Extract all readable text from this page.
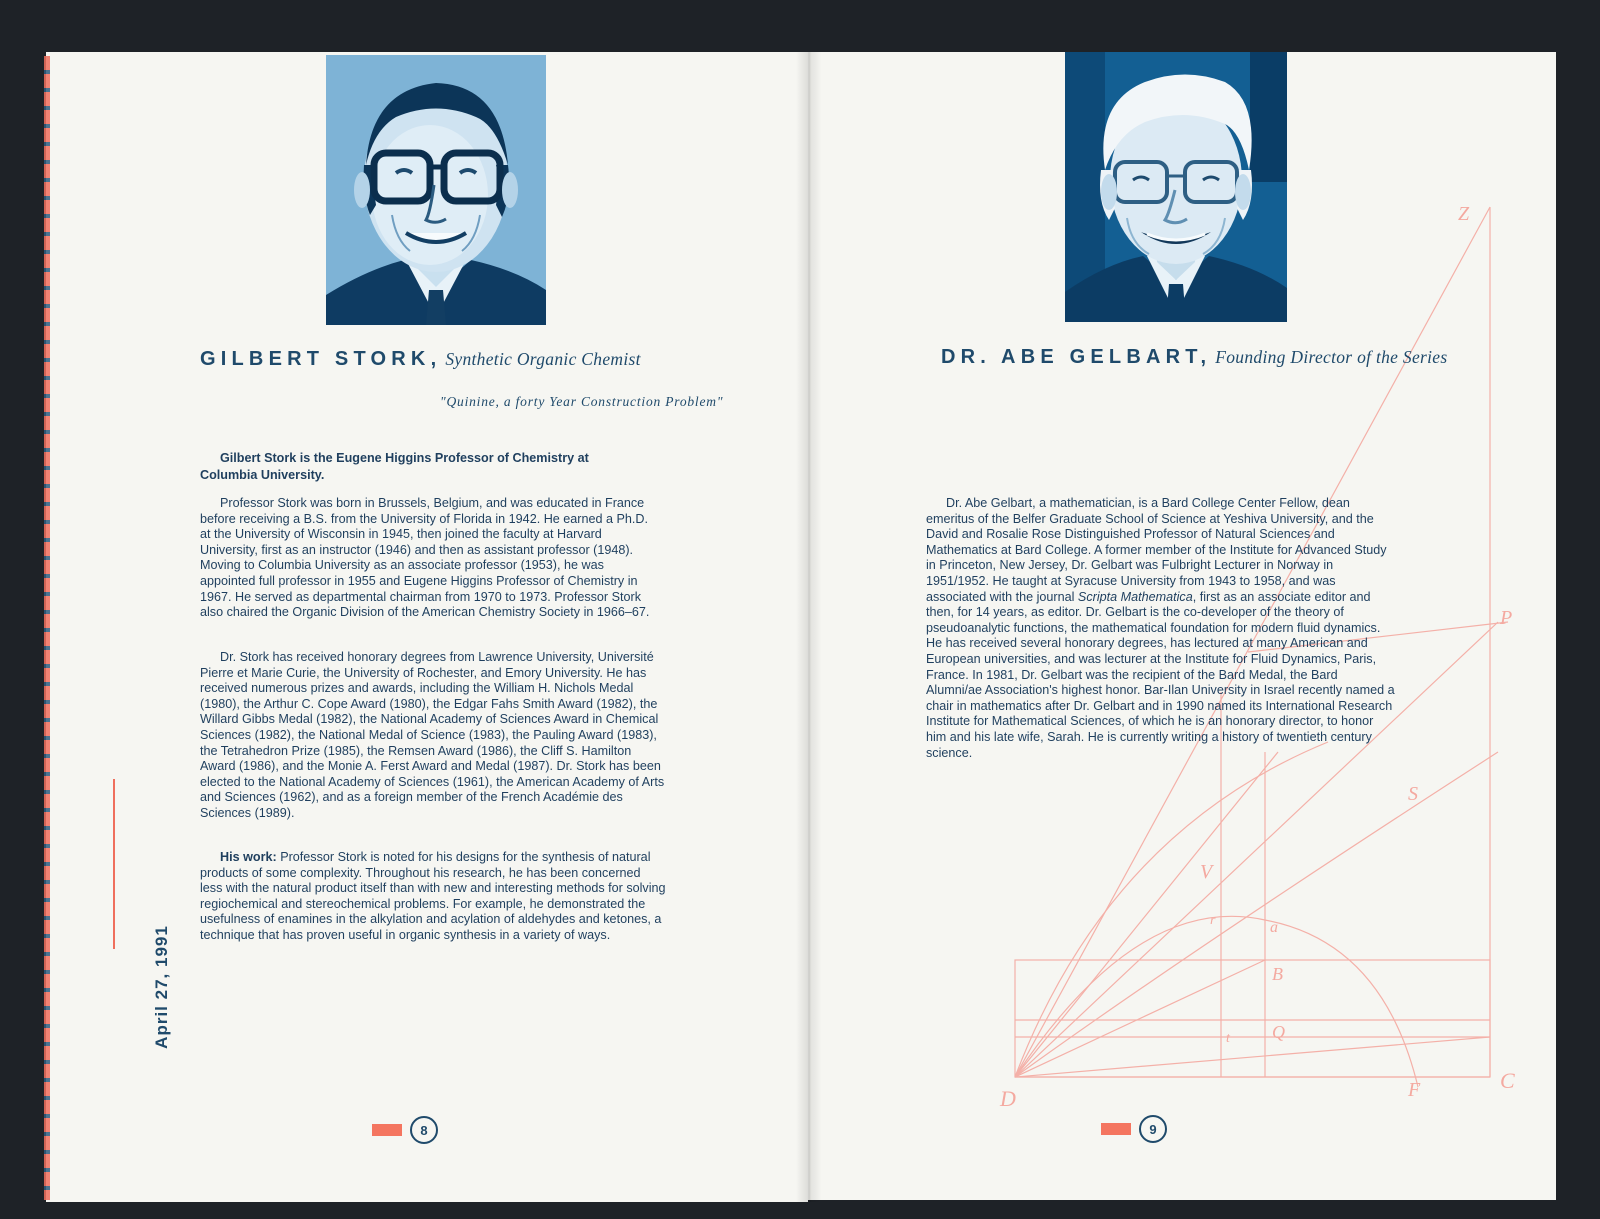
GILBERT STORK, Synthetic Organic Chemist
"Quinine, a forty Year Construction Problem"

Gilbert Stork is the Eugene Higgins Professor of Chemistry at Columbia University.

Professor Stork was born in Brussels, Belgium, and was educated in France before receiving a B.S. from the University of Florida in 1942. He earned a Ph.D. at the University of Wisconsin in 1945, then joined the faculty at Harvard University, first as an instructor (1946) and then as assistant professor (1948). Moving to Columbia University as an associate professor (1953), he was appointed full professor in 1955 and Eugene Higgins Professor of Chemistry in 1967. He served as departmental chairman from 1970 to 1973. Professor Stork also chaired the Organic Division of the American Chemistry Society in 1966–67.

Dr. Stork has received honorary degrees from Lawrence University, Université Pierre et Marie Curie, the University of Rochester, and Emory University. He has received numerous prizes and awards, including the William H. Nichols Medal (1980), the Arthur C. Cope Award (1980), the Edgar Fahs Smith Award (1982), the Willard Gibbs Medal (1982), the National Academy of Sciences Award in Chemical Sciences (1982), the National Medal of Science (1983), the Pauling Award (1983), the Tetrahedron Prize (1985), the Remsen Award (1986), the Cliff S. Hamilton Award (1986), and the Monie A. Ferst Award and Medal (1987). Dr. Stork has been elected to the National Academy of Sciences (1961), the American Academy of Arts and Sciences (1962), and as a foreign member of the French Académie des Sciences (1989).

His work: Professor Stork is noted for his designs for the synthesis of natural products of some complexity. Throughout his research, he has been concerned less with the natural product itself than with new and interesting methods for solving regiochemical and stereochemical problems. For example, he demonstrated the usefulness of enamines in the alkylation and acylation of aldehydes and ketones, a technique that has proven useful in organic synthesis in a variety of ways.

April 27, 1991
8
Z
P
S
V
r	a
B
t Q
D	F	C
DR. ABE GELBART, Founding Director of the Series

Dr. Abe Gelbart, a mathematician, is a Bard College Center Fellow, dean emeritus of the Belfer Graduate School of Science at Yeshiva University, and the David and Rosalie Rose Distinguished Professor of Natural Sciences and Mathematics at Bard College. A former member of the Institute for Advanced Study in Princeton, New Jersey, Dr. Gelbart was Fulbright Lecturer in Norway in 1951/1952. He taught at Syracuse University from 1943 to 1958, and was associated with the journal Scripta Mathematica, first as an associate editor and then, for 14 years, as editor. Dr. Gelbart is the co-developer of the theory of pseudoanalytic functions, the mathematical foundation for modern fluid dynamics. He has received several honorary degrees, has lectured at many American and European universities, and was lecturer at the Institute for Fluid Dynamics, Paris, France. In 1981, Dr. Gelbart was the recipient of the Bard Medal, the Bard Alumni/ae Association's highest honor. Bar-Ilan University in Israel recently named a chair in mathematics after Dr. Gelbart and in 1990 named its International Research Institute for Mathematical Sciences, of which he is an honorary director, to honor him and his late wife, Sarah. He is currently writing a history of twentieth century science.

9
